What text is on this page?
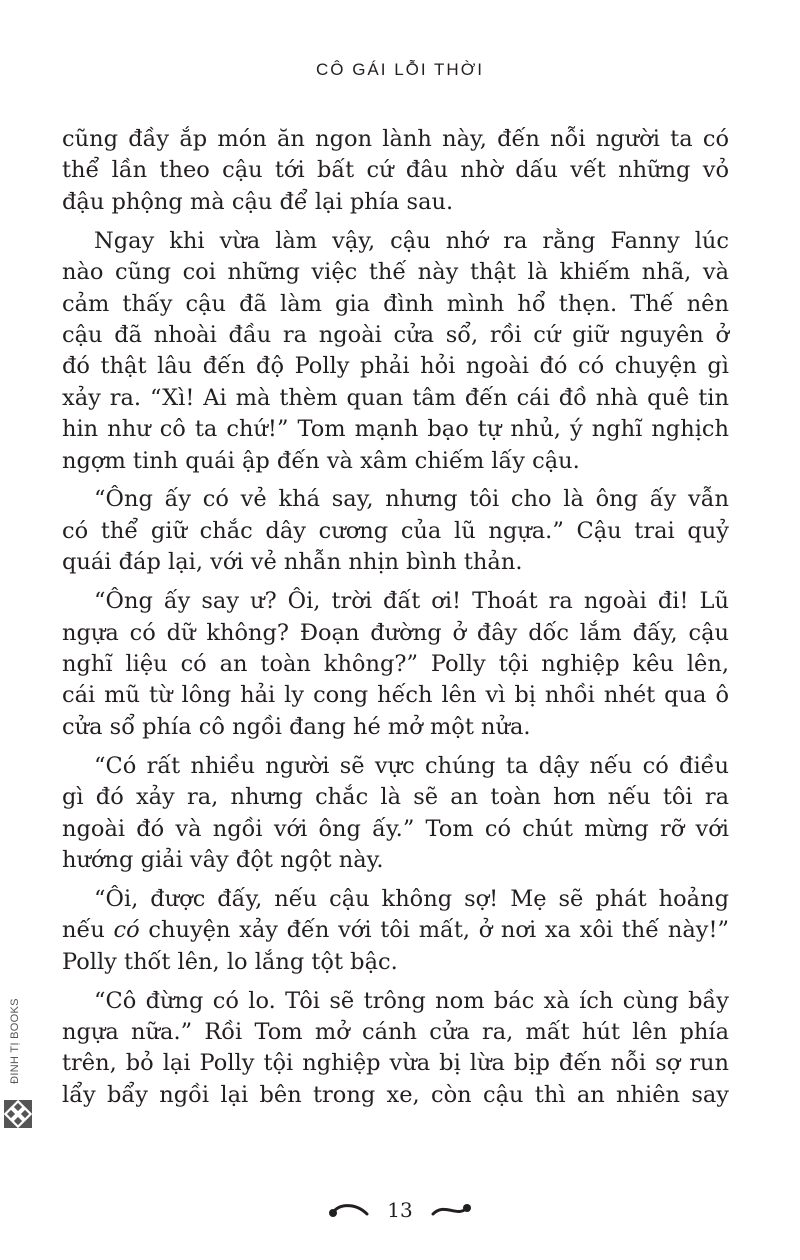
CÔ GÁI LỖI THỜI
cũng đầy ắp món ăn ngon lành này, đến nỗi người ta có
thể lần theo cậu tới bất cứ đâu nhờ dấu vết những vỏ
đậu phộng mà cậu để lại phía sau.
Ngay khi vừa làm vậy, cậu nhớ ra rằng Fanny lúc
nào cũng coi những việc thế này thật là khiếm nhã, và
cảm thấy cậu đã làm gia đình mình hổ thẹn. Thế nên
cậu đã nhoài đầu ra ngoài cửa sổ, rồi cứ giữ nguyên ở
đó thật lâu đến độ Polly phải hỏi ngoài đó có chuyện gì
xảy ra. “Xì! Ai mà thèm quan tâm đến cái đồ nhà quê tin
hin như cô ta chứ!” Tom mạnh bạo tự nhủ, ý nghĩ nghịch
ngợm tinh quái ập đến và xâm chiếm lấy cậu.
“Ông ấy có vẻ khá say, nhưng tôi cho là ông ấy vẫn
có thể giữ chắc dây cương của lũ ngựa.” Cậu trai quỷ
quái đáp lại, với vẻ nhẫn nhịn bình thản.
“Ông ấy say ư? Ôi, trời đất ơi! Thoát ra ngoài đi! Lũ
ngựa có dữ không? Đoạn đường ở đây dốc lắm đấy, cậu
nghĩ liệu có an toàn không?” Polly tội nghiệp kêu lên,
cái mũ từ lông hải ly cong hếch lên vì bị nhồi nhét qua ô
cửa sổ phía cô ngồi đang hé mở một nửa.
“Có rất nhiều người sẽ vực chúng ta dậy nếu có điều
gì đó xảy ra, nhưng chắc là sẽ an toàn hơn nếu tôi ra
ngoài đó và ngồi với ông ấy.” Tom có chút mừng rỡ với
hướng giải vây đột ngột này.
“Ôi, được đấy, nếu cậu không sợ! Mẹ sẽ phát hoảng
nếu có chuyện xảy đến với tôi mất, ở nơi xa xôi thế này!”
Polly thốt lên, lo lắng tột bậc.
“Cô đừng có lo. Tôi sẽ trông nom bác xà ích cùng bầy
ngựa nữa.” Rồi Tom mở cánh cửa ra, mất hút lên phía
trên, bỏ lại Polly tội nghiệp vừa bị lừa bịp đến nỗi sợ run
lẩy bẩy ngồi lại bên trong xe, còn cậu thì an nhiên say
13
ĐINH TỊ BOOKS
